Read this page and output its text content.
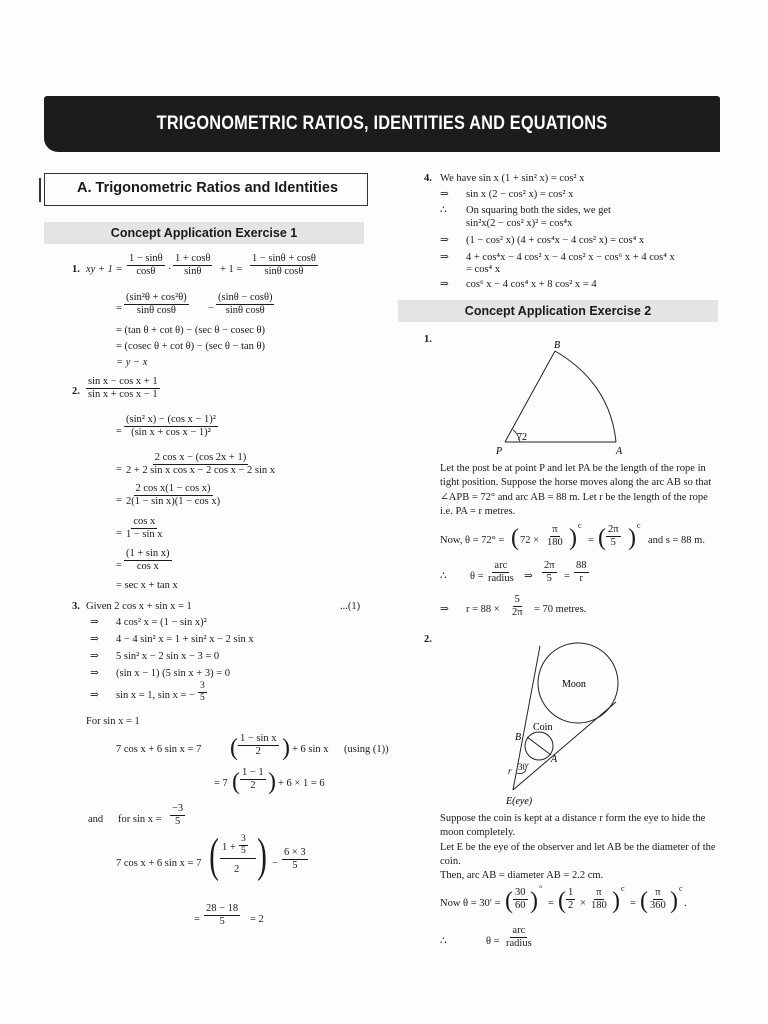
TRIGONOMETRIC RATIOS, IDENTITIES AND EQUATIONS
A. Trigonometric Ratios and Identities
Concept Application Exercise 1
1. xy + $1 = \frac{1 - \sin\theta}{\cos\theta} \cdot \frac{1 + \cos\theta}{\sin\theta} + 1 = \frac{1 - \sin\theta + \cos\theta}{\text{sinθ cosθ}}$
= $\frac{\text{(sin²θ + cos²θ)}}{\text{sinθ cosθ}} - \frac{(\sin\theta - \cos\theta)}{\text{sinθ cosθ}}$
= (tan θ + cot θ) − (sec θ − cosec θ)
= (cosec θ + cot θ) − (sec θ − tan θ)
= y − x
2. $\frac{\text{sin x − cos x + 1}}{\text{sin x + cos x − 1}}$
= $\frac{\text{(sin² x) − (cos x − 1)²}}{\text{(sin x + cos x − 1)²}}$
= $\frac{\text{2 cos x − (cos 2x + 1)}}{\text{2 + 2 sin x cos x − 2 cos x − 2 sin x}}$
= $\frac{\text{2 cos x(1 − cos x)}}{\text{2(1 − sin x)(1 − cos x)}}$
= $\frac{\text{cos x}}{\text{1 − sin x}}$
= $\frac{\text{(1 + sin x)}}{\text{cos x}}$
= sec x + tan x
3. Given 2 cos x + sin x = 1	...(1)
⇒ 4 cos² x = (1 − sin x)²
⇒ 4 − 4 sin² x = 1 + sin² x − 2 sin x
⇒ 5 sin² x − 2 sin x − 3 = 0
⇒ (sin x − 1) (5 sin x + 3) = 0
⇒ sin x = 1, sin x = − $\frac{3}{5}$
For sin x = 1
7 cos x + 6 sin x = 7 ( $\frac{\text{1 − sin x}}{2}$ ) + 6 sin x (using (1))
= 7 ( $\frac{1 - 1}{2}$ ) + 6 × 1 = 6
and for $\sin x = \frac{-3}{5}$
7 cos x + 6 sin x = 7 ( $1 + \frac{3}{5}$
2 ) − $\frac{6 \times 3}{5}$
= $\frac{28 - 18}{5} = 2$
4. We have sin x (1 + sin² x) = cos² x
⇒ sin x (2 − cos² x) = cos² x
∴ On squaring both the sides, we get
sin²x(2 − cos² x)² = cos⁴x
⇒ (1 − cos² x) (4 + cos⁴x − 4 cos² x) = cos⁴ x
⇒ 4 + cos⁴x − 4 cos² x − 4 cos² x − cos⁶ x + 4 cos⁴ x
= cos⁴ x
⇒ cos⁶ x − 4 cos⁴ x + 8 cos² x = 4
Concept Application Exercise 2
1.
B
P	A
72
Let the post be at point P and let PA be the length of the rope in tight position. Suppose the horse moves along the arc AB so that ∠APB = 72° and arc AB = 88 m. Let r be the length of the rope i.e. PA = r metres.
Now, θ = 72° = ( $72 \times \frac{\pi}{180}$ ) c
= ( $\frac{2\pi}{5}$ ) c
and s = 88 m.
∴ θ =
arc
radius ⇒ $\frac{2\pi}{5} = \frac{88}{r}$
⇒ $r = 88 \times \frac{5}{2\pi} = 70$ metres.
2.
Moon
Coin
B
A
r 30′
E(eye)
Suppose the coin is kept at a distance r form the eye to hide the moon completely.
Let E be the eye of the observer and let AB be the diameter of the coin.
Then, arc AB = diameter AB = 2.2 cm.
Now θ = 30′ = ( $\frac{30}{60}$ ) °
= ( $\frac{1}{2} \times \frac{\pi}{180}$ ) c
= ( $\frac{\pi}{360}$ ) c
.
∴	θ =
arc
radius
